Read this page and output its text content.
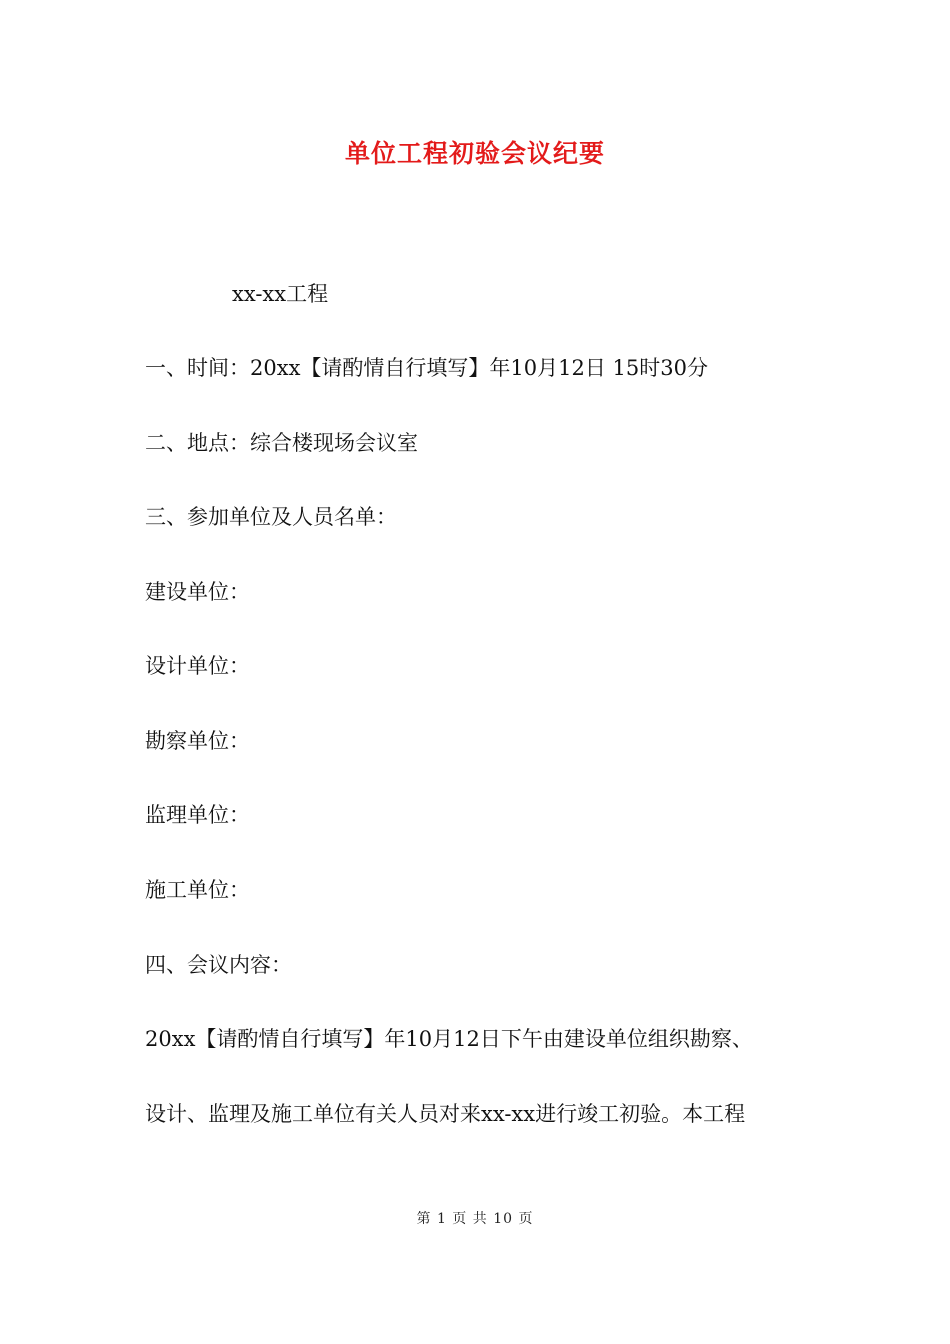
单位工程初验会议纪要
xx-xx工程
一、时间：20xx【请酌情自行填写】年10月12日 15时30分
二、地点：综合楼现场会议室
三、参加单位及人员名单：
建设单位：
设计单位：
勘察单位：
监理单位：
施工单位：
四、会议内容：
20xx【请酌情自行填写】年10月12日下午由建设单位组织勘察、
设计、监理及施工单位有关人员对来xx-xx进行竣工初验。本工程
第 1 页 共 10 页
